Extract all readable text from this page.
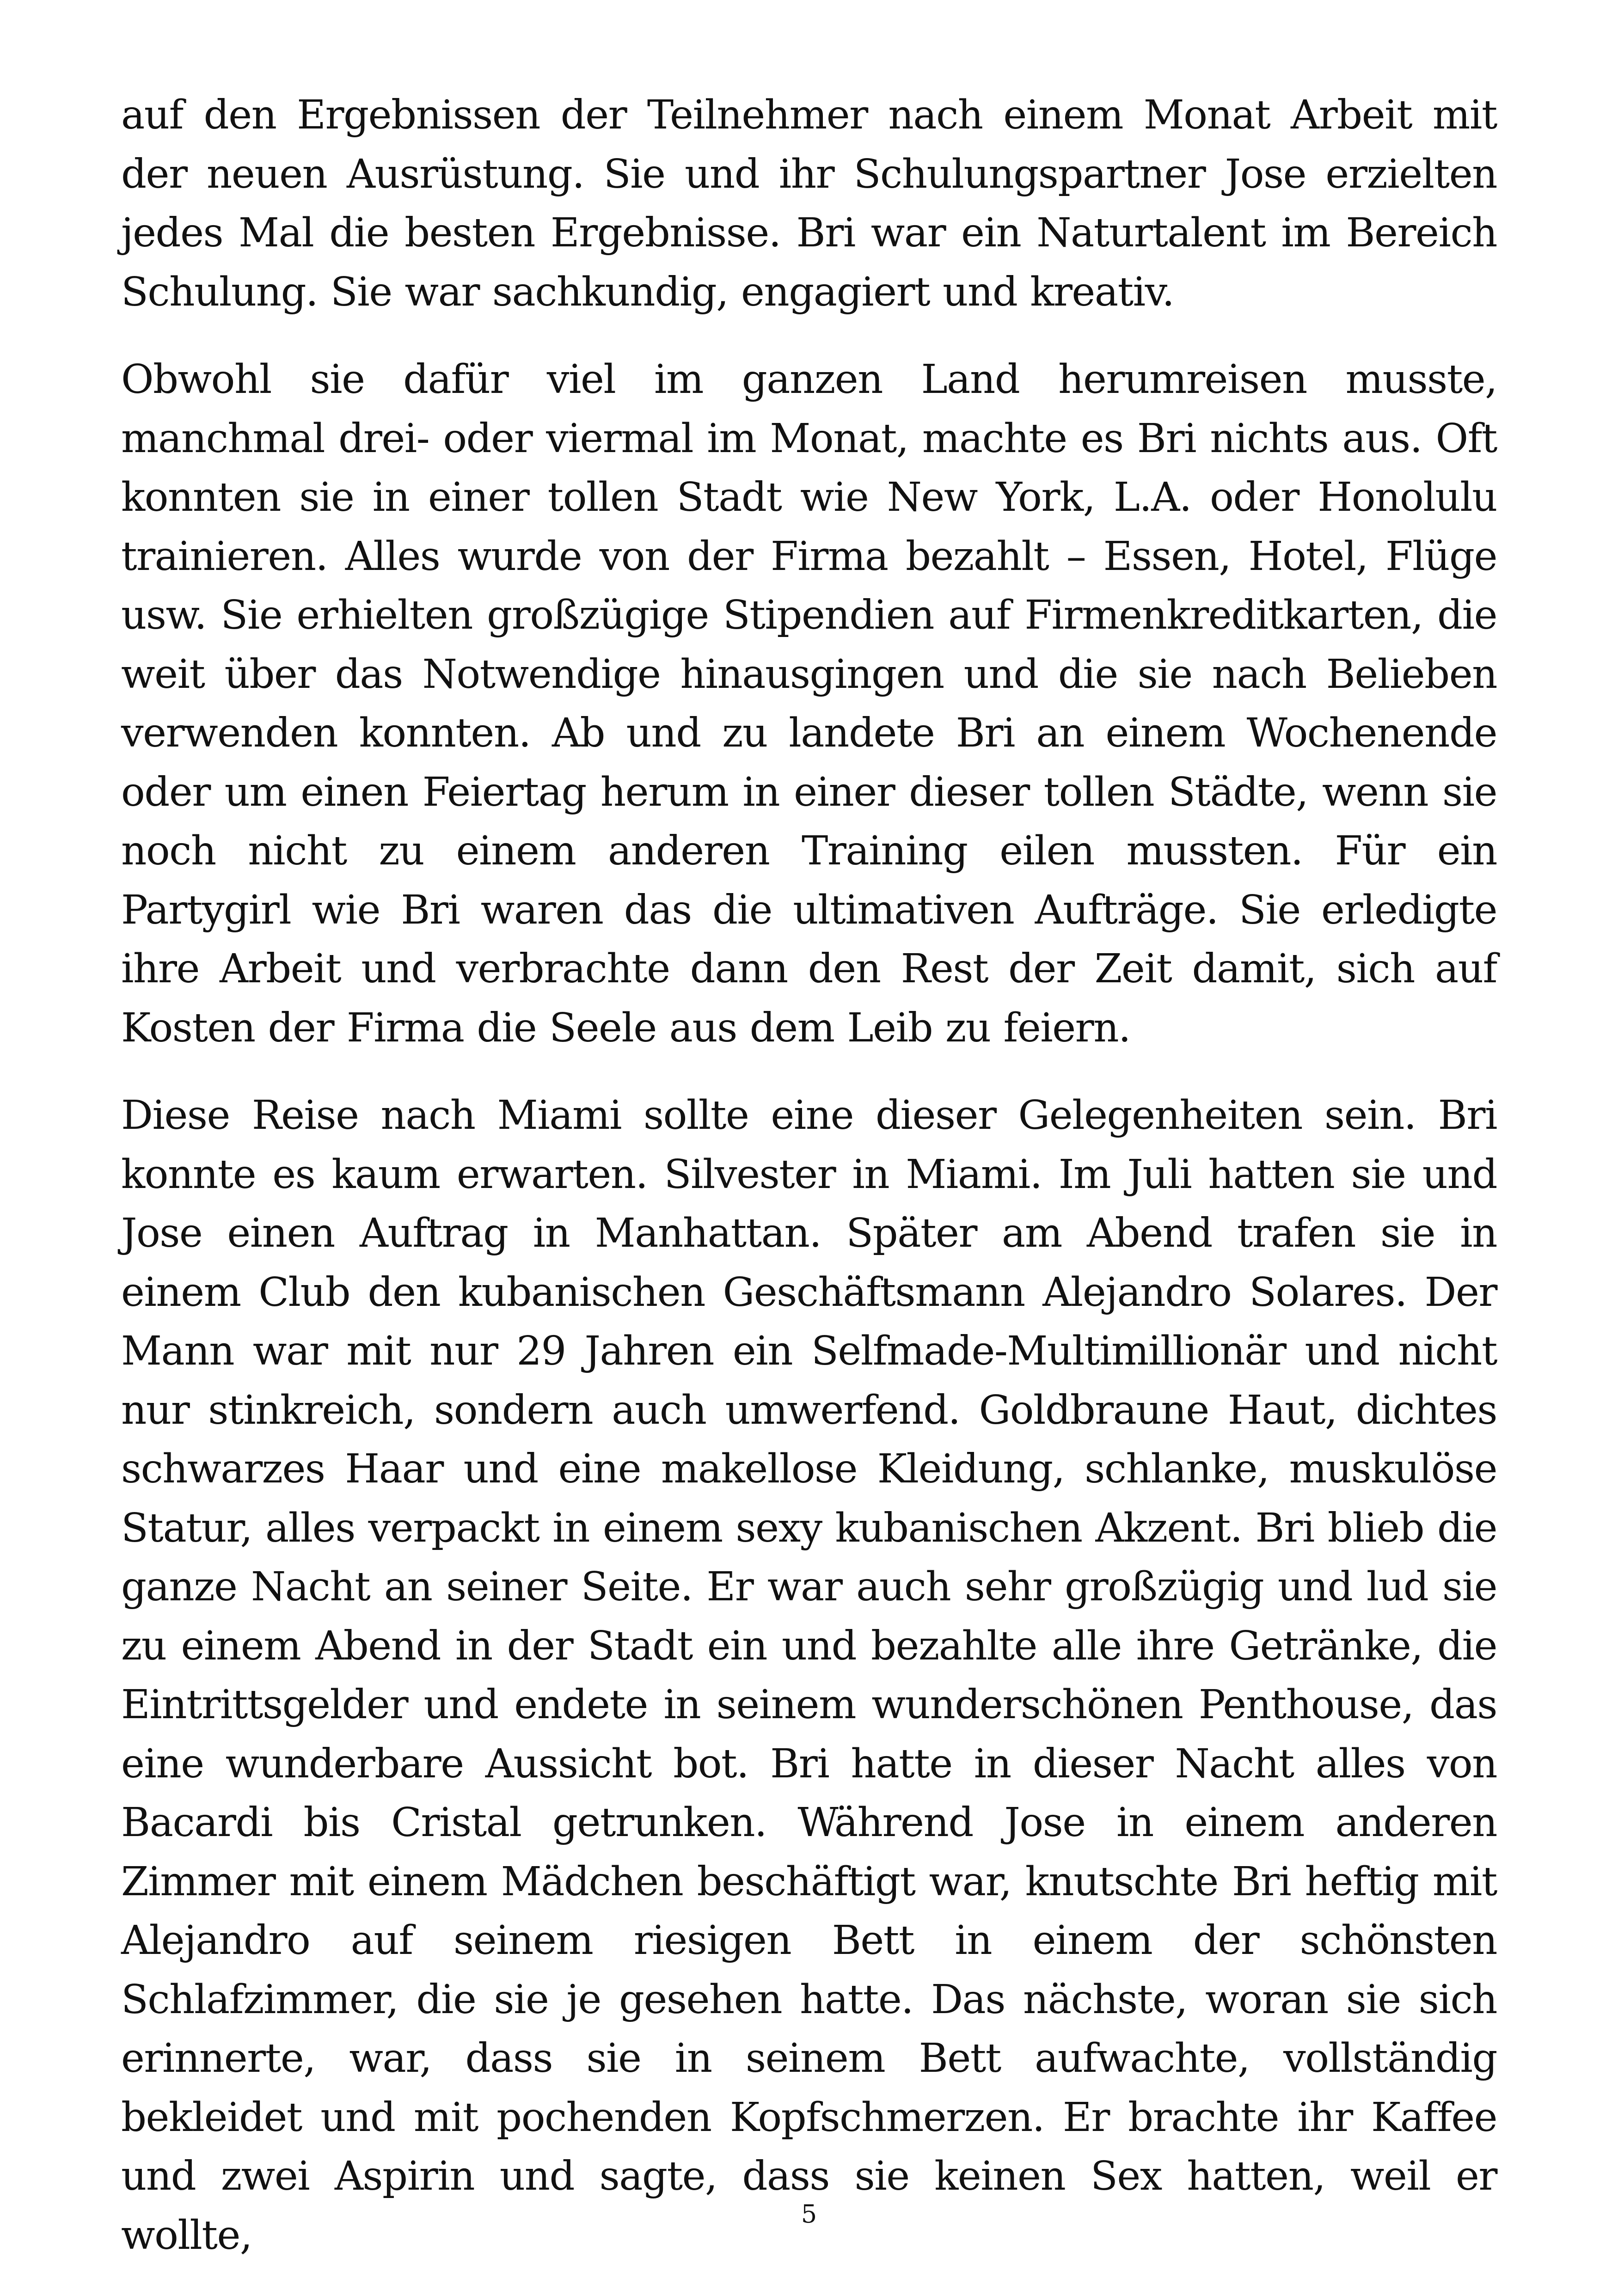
auf den Ergebnissen der Teilnehmer nach einem Monat Arbeit mit der neuen Ausrüstung. Sie und ihr Schulungspartner Jose erzielten jedes Mal die besten Ergebnisse. Bri war ein Naturtalent im Bereich Schulung. Sie war sachkundig, engagiert und kreativ.

Obwohl sie dafür viel im ganzen Land herumreisen musste, manchmal drei- oder viermal im Monat, machte es Bri nichts aus. Oft konnten sie in einer tollen Stadt wie New York, L.A. oder Honolulu trainieren. Alles wurde von der Firma bezahlt – Essen, Hotel, Flüge usw. Sie erhielten großzügige Stipendien auf Firmenkreditkarten, die weit über das Notwendige hinausgingen und die sie nach Belieben verwenden konnten. Ab und zu landete Bri an einem Wochenende oder um einen Feiertag herum in einer dieser tollen Städte, wenn sie noch nicht zu einem anderen Training eilen mussten. Für ein Partygirl wie Bri waren das die ultimativen Aufträge. Sie erledigte ihre Arbeit und verbrachte dann den Rest der Zeit damit, sich auf Kosten der Firma die Seele aus dem Leib zu feiern.

Diese Reise nach Miami sollte eine dieser Gelegenheiten sein. Bri konnte es kaum erwarten. Silvester in Miami. Im Juli hatten sie und Jose einen Auftrag in Manhattan. Später am Abend trafen sie in einem Club den kubanischen Geschäftsmann Alejandro Solares. Der Mann war mit nur 29 Jahren ein Selfmade-Multimillionär und nicht nur stinkreich, sondern auch umwerfend. Goldbraune Haut, dichtes schwarzes Haar und eine makellose Kleidung, schlanke, muskulöse Statur, alles verpackt in einem sexy kubanischen Akzent. Bri blieb die ganze Nacht an seiner Seite. Er war auch sehr großzügig und lud sie zu einem Abend in der Stadt ein und bezahlte alle ihre Getränke, die Eintrittsgelder und endete in seinem wunderschönen Penthouse, das eine wunderbare Aussicht bot. Bri hatte in dieser Nacht alles von Bacardi bis Cristal getrunken. Während Jose in einem anderen Zimmer mit einem Mädchen beschäftigt war, knutschte Bri heftig mit Alejandro auf seinem riesigen Bett in einem der schönsten Schlafzimmer, die sie je gesehen hatte. Das nächste, woran sie sich erinnerte, war, dass sie in seinem Bett aufwachte, vollständig bekleidet und mit pochenden Kopfschmerzen. Er brachte ihr Kaffee und zwei Aspirin und sagte, dass sie keinen Sex hatten, weil er wollte,	5
